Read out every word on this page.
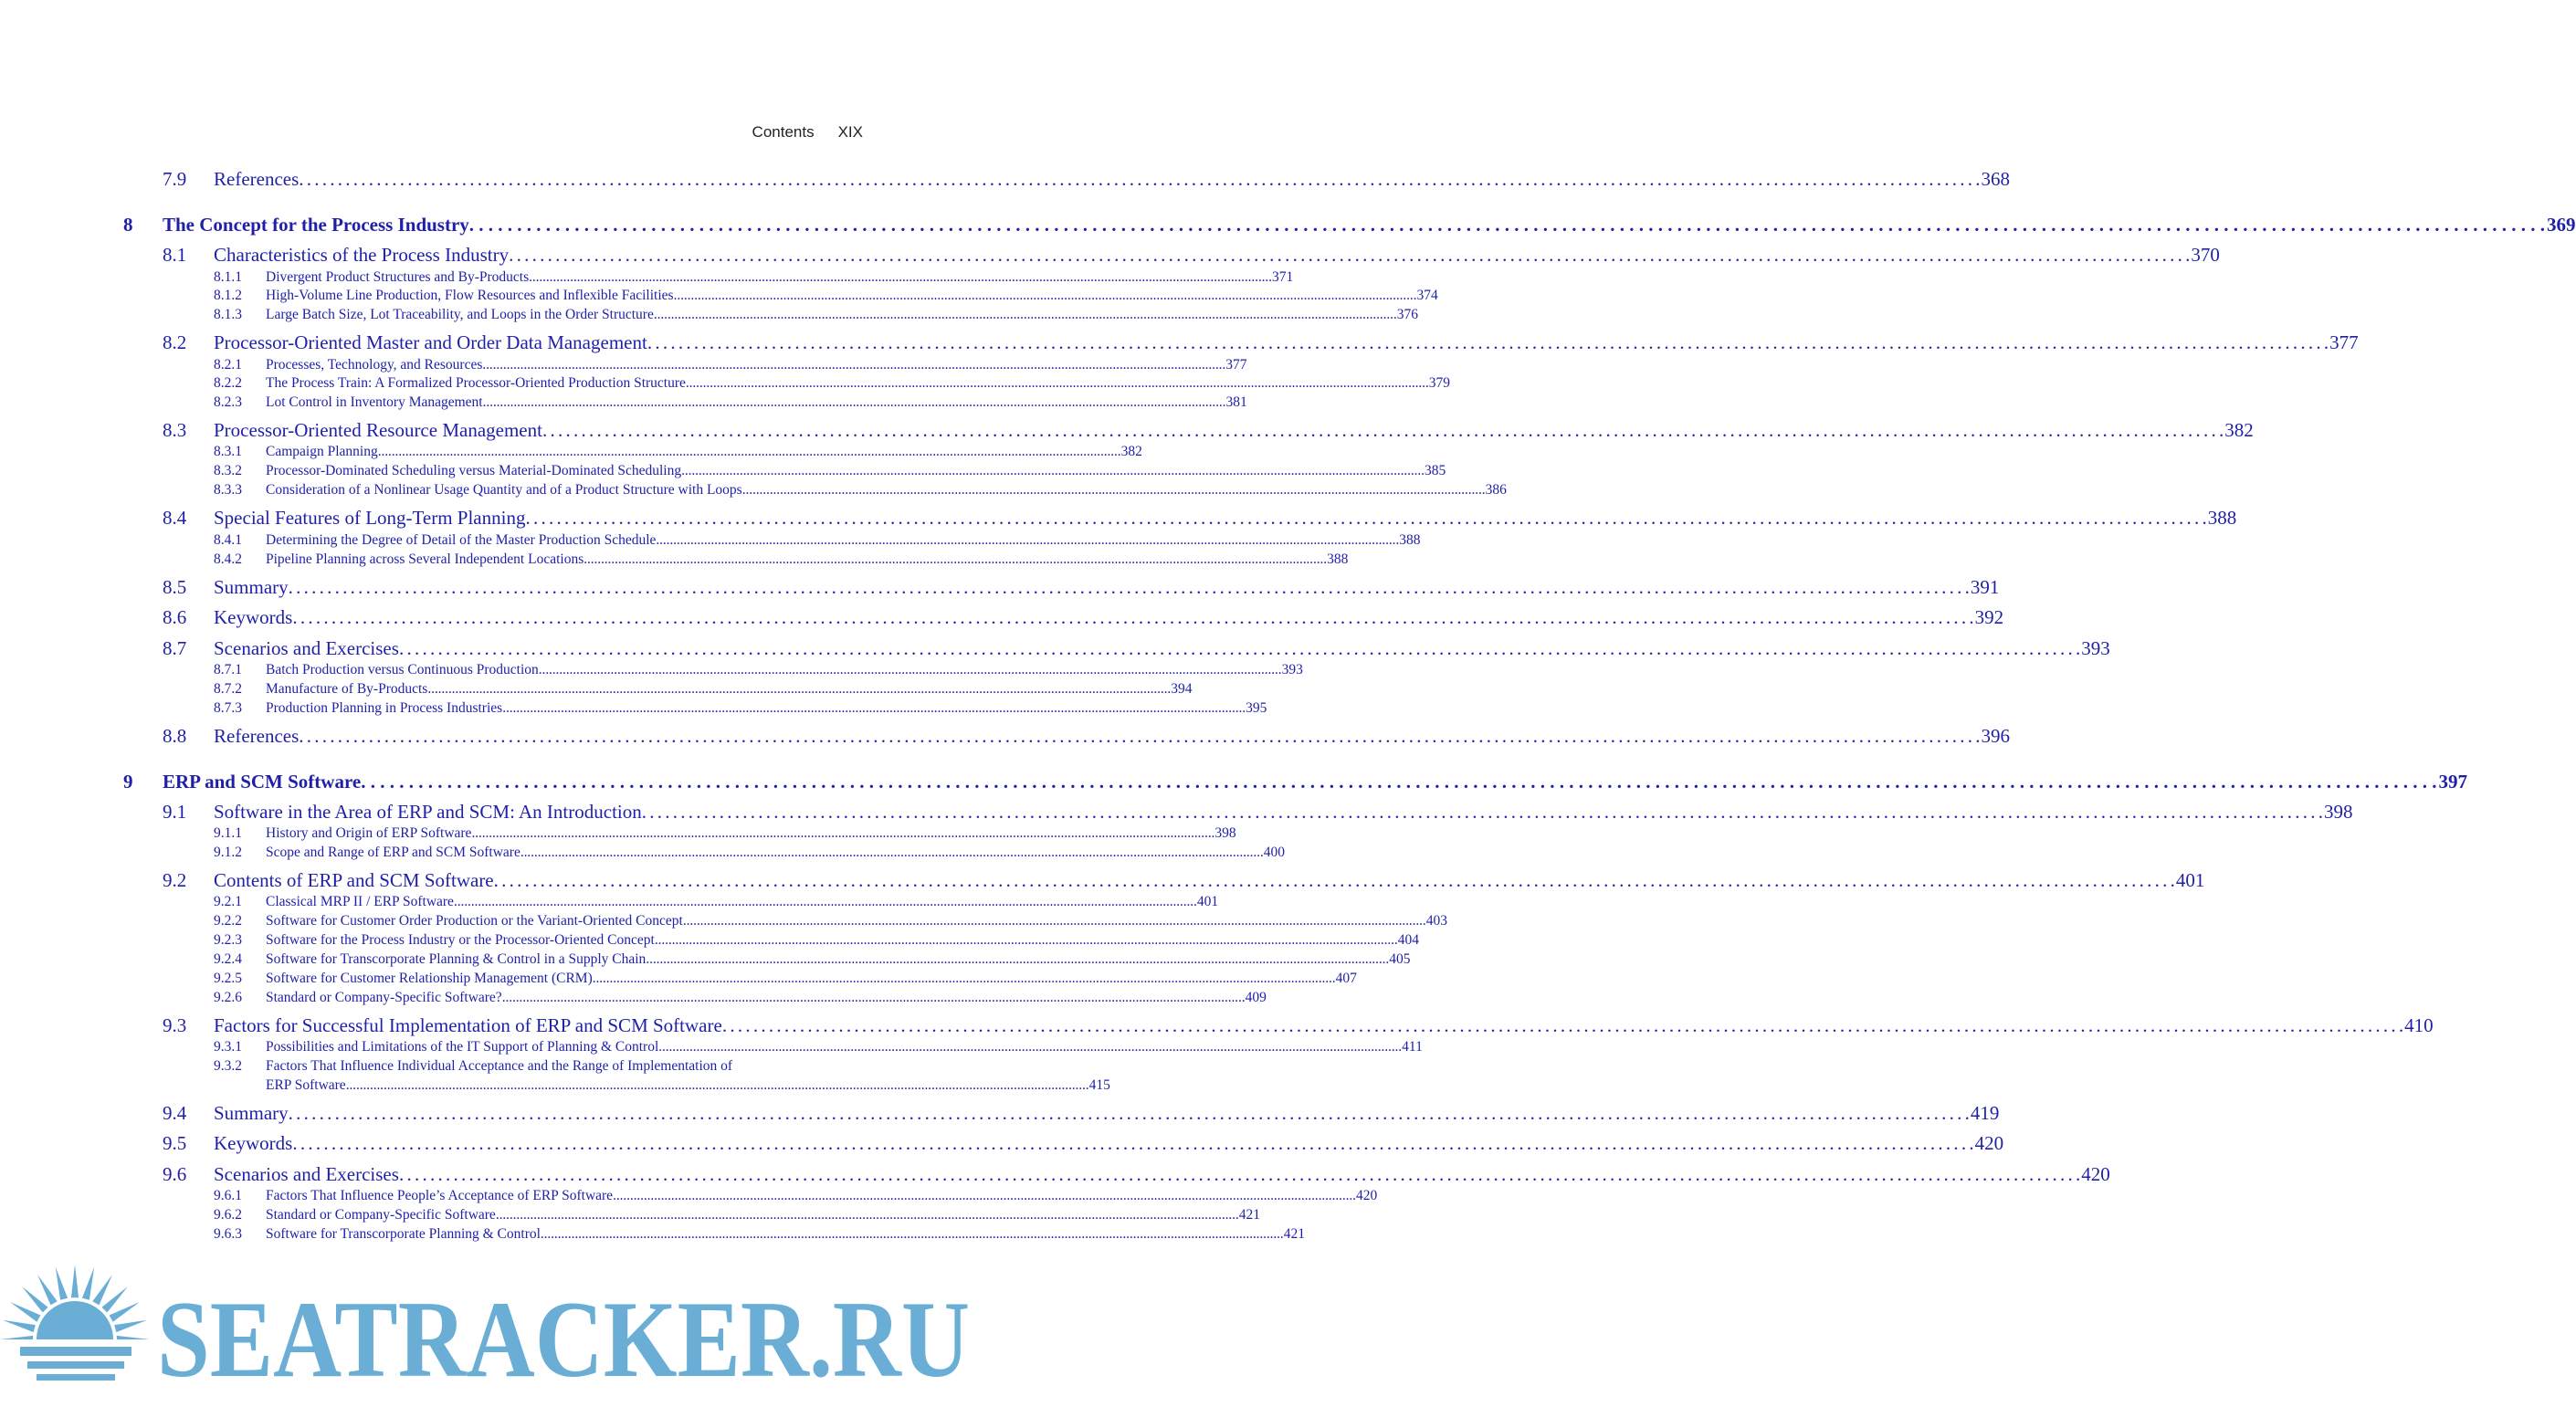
Contents XIX
7.9 References . . .	368
8 The Concept for the Process Industry . . .	369
8.1 Characteristics of the Process Industry . . .	370
8.1.1 Divergent Product Structures and By-Products . . .	371
8.1.2 High-Volume Line Production, Flow Resources and Inflexible Facilities . . .	374
8.1.3 Large Batch Size, Lot Traceability, and Loops in the Order Structure . . .	376
8.2 Processor-Oriented Master and Order Data Management . . .	377
8.2.1 Processes, Technology, and Resources . . .	377
8.2.2 The Process Train: A Formalized Processor-Oriented Production Structure . . .	379
8.2.3 Lot Control in Inventory Management . . .	381
8.3 Processor-Oriented Resource Management . . .	382
8.3.1 Campaign Planning . . .	382
8.3.2 Processor-Dominated Scheduling versus Material-Dominated Scheduling . . .	385
8.3.3 Consideration of a Nonlinear Usage Quantity and of a Product Structure with Loops . . .	386
8.4 Special Features of Long-Term Planning . . .	388
8.4.1 Determining the Degree of Detail of the Master Production Schedule . . .	388
8.4.2 Pipeline Planning across Several Independent Locations . . .	388
8.5 Summary . . .	391
8.6 Keywords . . .	392
8.7 Scenarios and Exercises . . .	393
8.7.1 Batch Production versus Continuous Production . . .	393
8.7.2 Manufacture of By-Products . . .	394
8.7.3 Production Planning in Process Industries . . .	395
8.8 References . . .	396
9 ERP and SCM Software . . .	397
9.1 Software in the Area of ERP and SCM: An Introduction . . .	398
9.1.1 History and Origin of ERP Software . . .	398
9.1.2 Scope and Range of ERP and SCM Software . . .	400
9.2 Contents of ERP and SCM Software . . .	401
9.2.1 Classical MRP II / ERP Software . . .	401
9.2.2 Software for Customer Order Production or the Variant-Oriented Concept . . .	403
9.2.3 Software for the Process Industry or the Processor-Oriented Concept . . .	404
9.2.4 Software for Transcorporate Planning & Control in a Supply Chain . . .	405
9.2.5 Software for Customer Relationship Management (CRM) . . .	407
9.2.6 Standard or Company-Specific Software? . . .	409
9.3 Factors for Successful Implementation of ERP and SCM Software . . .	410
9.3.1 Possibilities and Limitations of the IT Support of Planning & Control . . .	411
9.3.2 Factors That Influence Individual Acceptance and the Range of Implementation of
ERP Software . . .	415
9.4 Summary . . .	419
9.5 Keywords . . .	420
9.6 Scenarios and Exercises . . .	420
9.6.1 Factors That Influence People’s Acceptance of ERP Software . . .	420
9.6.2 Standard or Company-Specific Software . . .	421
9.6.3 Software for Transcorporate Planning & Control . . .	421
SEATRACKER.RU
